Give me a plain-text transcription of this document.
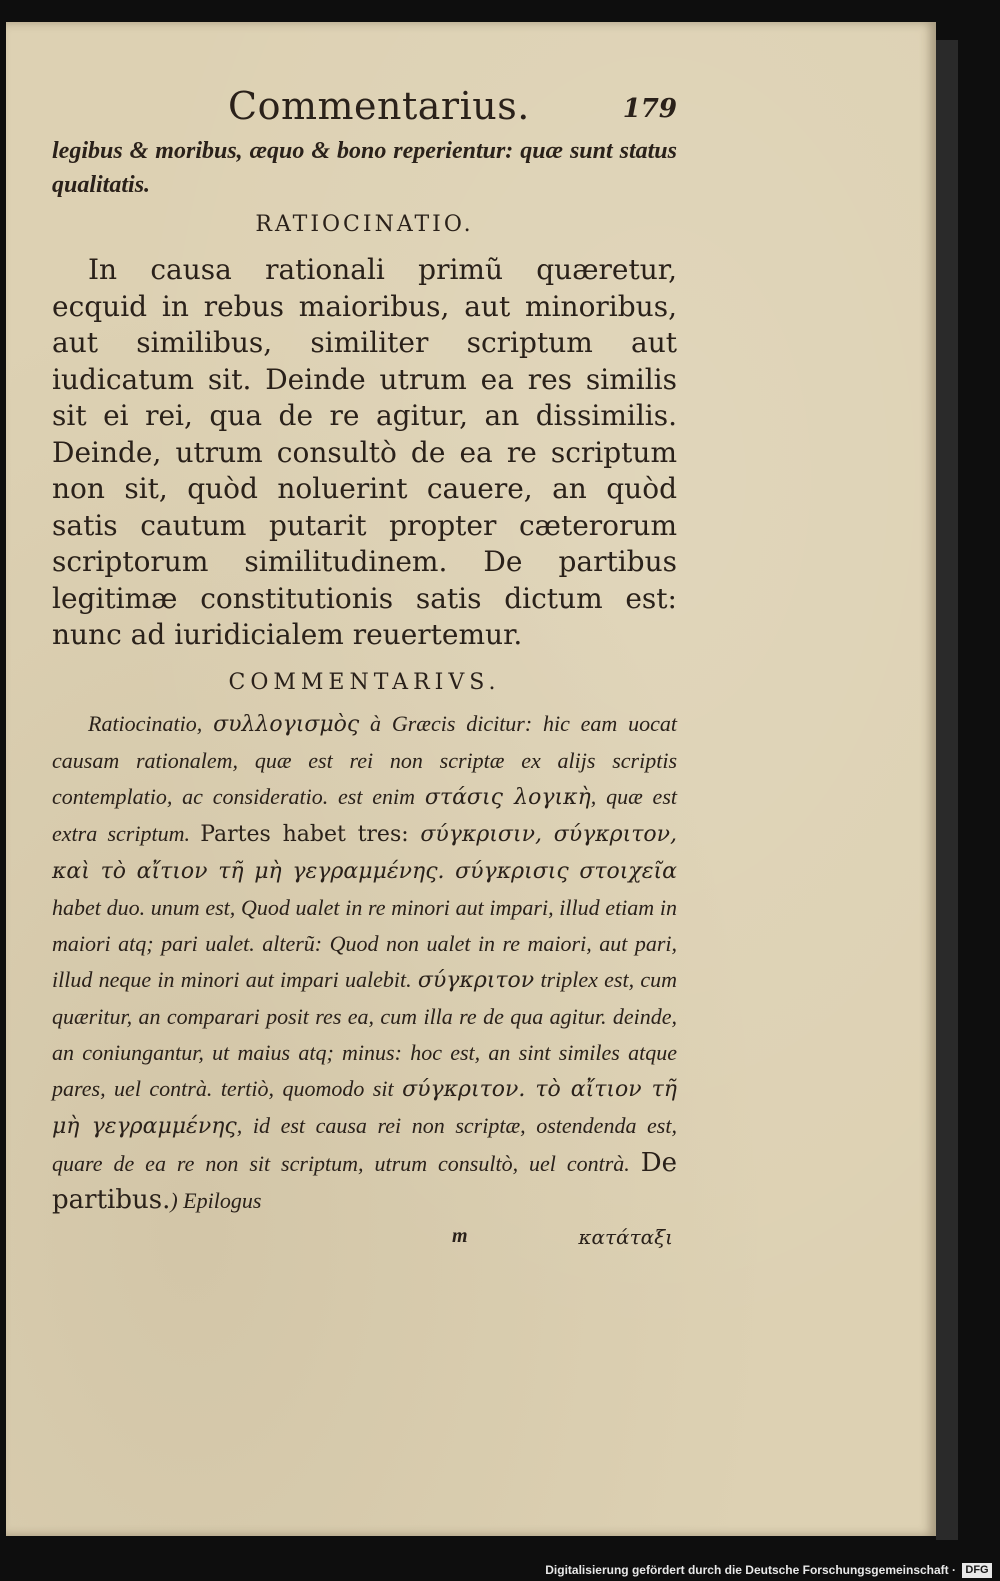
Commentarius.	179

legibus & moribus, æquo & bono reperientur: quæ sunt status qualitatis.

RATIOCINATIO.

In causa rationali primũ quæretur, ecquid in rebus maioribus, aut minoribus, aut similibus, similiter scriptum aut iudicatum sit. Deinde utrum ea res similis sit ei rei, qua de re agitur, an dissimilis. Deinde, utrum consultò de ea re scriptum non sit, quòd noluerint cauere, an quòd satis cautum putarit propter cæterorum scriptorum similitudinem. De partibus legitimæ constitutionis satis dictum est: nunc ad iuridicialem reuertemur.

COMMENTARIVS.

Ratiocinatio, συλλογισμὸς à Græcis dicitur: hic eam uocat causam rationalem, quæ est rei non scriptæ ex alijs scriptis contemplatio, ac consideratio. est enim στάσις λογικὴ, quæ est extra scriptum. Partes habet tres: σύγκρισιν, σύγκριτον, καὶ τὸ αἴτιον τῆ μὴ γεγραμμένης. σύγκρισις στοιχεῖα habet duo. unum est, Quod ualet in re minori aut impari, illud etiam in maiori atq; pari ualet. alterũ: Quod non ualet in re maiori, aut pari, illud neque in minori aut impari ualebit. σύγκριτον triplex est, cum quæritur, an comparari posit res ea, cum illa re de qua agitur. deinde, an coniungantur, ut maius atq; minus: hoc est, an sint similes atque pares, uel contrà. tertiò, quomodo sit σύγκριτον. τὸ αἴτιον τῆ μὴ γεγραμμένης, id est causa rei non scriptæ, ostendenda est, quare de ea re non sit scriptum, utrum consultò, uel contrà. De partibus.) Epilogus

m	κατάταξι
Digitalisierung gefördert durch die Deutsche Forschungsgemeinschaft · DFG
